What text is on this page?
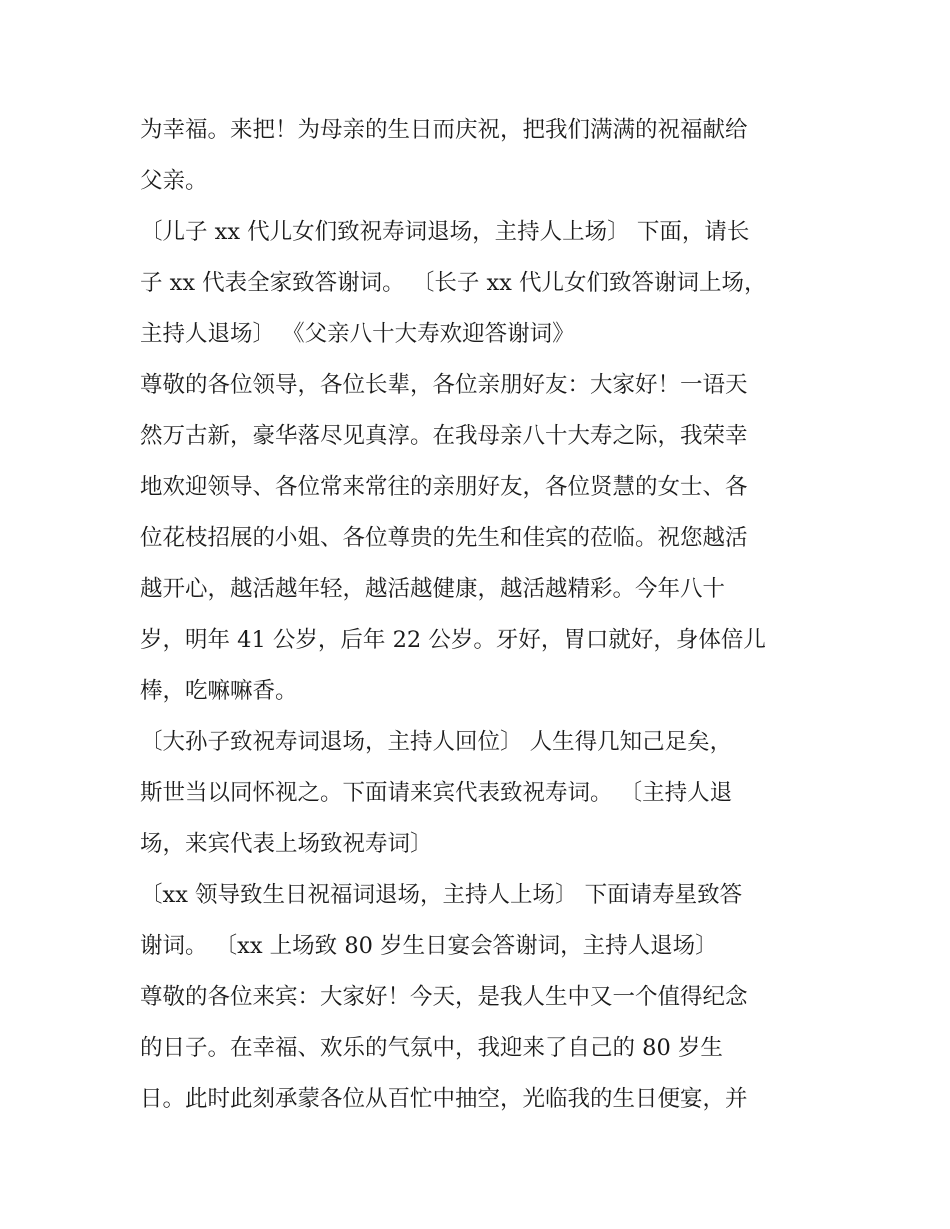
为幸福。来把！为母亲的生日而庆祝，把我们满满的祝福献给
父亲。
〔儿子 xx 代儿女们致祝寿词退场，主持人上场〕 下面，请长
子 xx 代表全家致答谢词。 〔长子 xx 代儿女们致答谢词上场，
主持人退场〕 《父亲八十大寿欢迎答谢词》
尊敬的各位领导，各位长辈，各位亲朋好友：大家好！一语天
然万古新，豪华落尽见真淳。在我母亲八十大寿之际，我荣幸
地欢迎领导、各位常来常往的亲朋好友，各位贤慧的女士、各
位花枝招展的小姐、各位尊贵的先生和佳宾的莅临。祝您越活
越开心，越活越年轻，越活越健康，越活越精彩。今年八十
岁，明年 41 公岁，后年 22 公岁。牙好，胃口就好，身体倍儿
棒，吃嘛嘛香。
〔大孙子致祝寿词退场，主持人回位〕 人生得几知己足矣，
斯世当以同怀视之。下面请来宾代表致祝寿词。 〔主持人退
场，来宾代表上场致祝寿词〕
〔xx 领导致生日祝福词退场，主持人上场〕 下面请寿星致答
谢词。 〔xx 上场致 80 岁生日宴会答谢词，主持人退场〕
尊敬的各位来宾：大家好！今天，是我人生中又一个值得纪念
的日子。在幸福、欢乐的气氛中，我迎来了自己的 80 岁生
日。此时此刻承蒙各位从百忙中抽空，光临我的生日便宴，并
